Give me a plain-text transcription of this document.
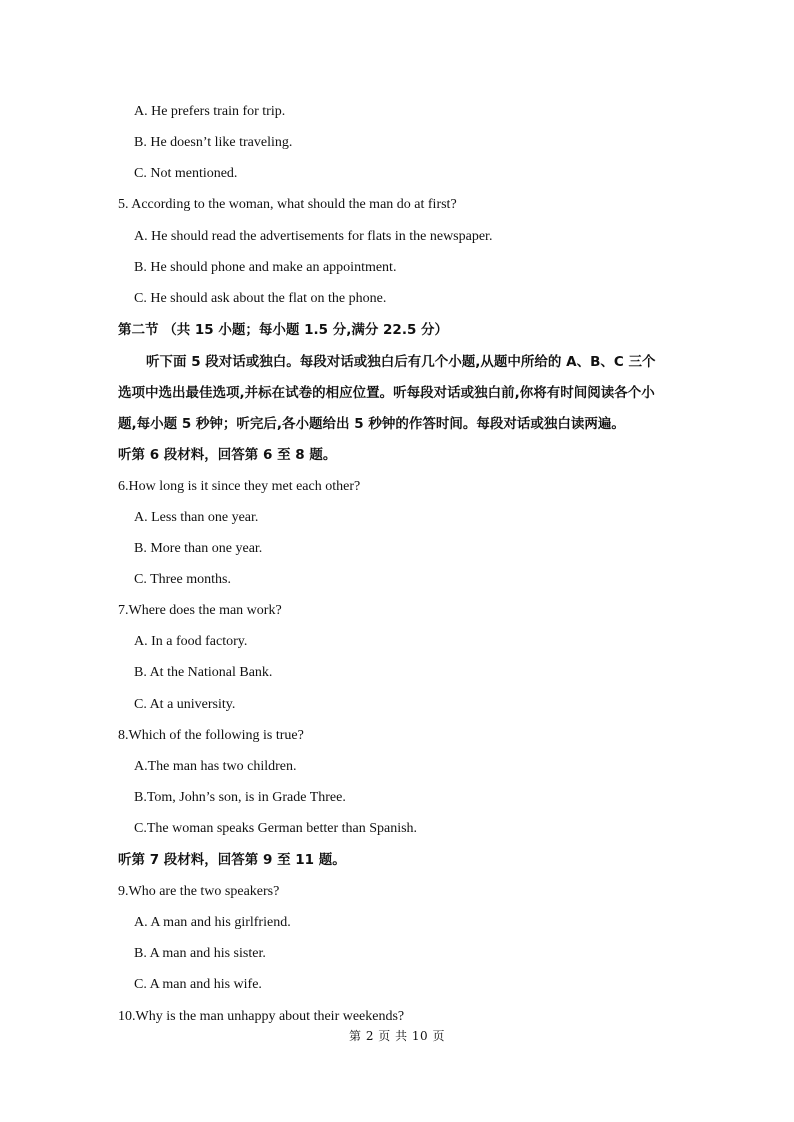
A. He prefers train for trip.
B. He doesn’t like traveling.
C. Not mentioned.
5. According to the woman, what should the man do at first?
A. He should read the advertisements for flats in the newspaper.
B. He should phone and make an appointment.
C. He should ask about the flat on the phone.
第二节 （共 15 小题；每小题 1.5 分,满分 22.5 分）
听下面 5 段对话或独白。每段对话或独白后有几个小题,从题中所给的 A、B、C 三个
选项中选出最佳选项,并标在试卷的相应位置。听每段对话或独白前,你将有时间阅读各个小
题,每小题 5 秒钟；听完后,各小题给出 5 秒钟的作答时间。每段对话或独白读两遍。
听第 6 段材料，回答第 6 至 8 题。
6.How long is it since they met each other?
A. Less than one year.
B. More than one year.
C. Three months.
7.Where does the man work?
A. In a food factory.
B. At the National Bank.
C. At a university.
8.Which of the following is true?
A.The man has two children.
B.Tom, John’s son, is in Grade Three.
C.The woman speaks German better than Spanish.
听第 7 段材料，回答第 9 至 11 题。
9.Who are the two speakers?
A. A man and his girlfriend.
B. A man and his sister.
C. A man and his wife.
10.Why is the man unhappy about their weekends?
第 2 页 共 10 页
